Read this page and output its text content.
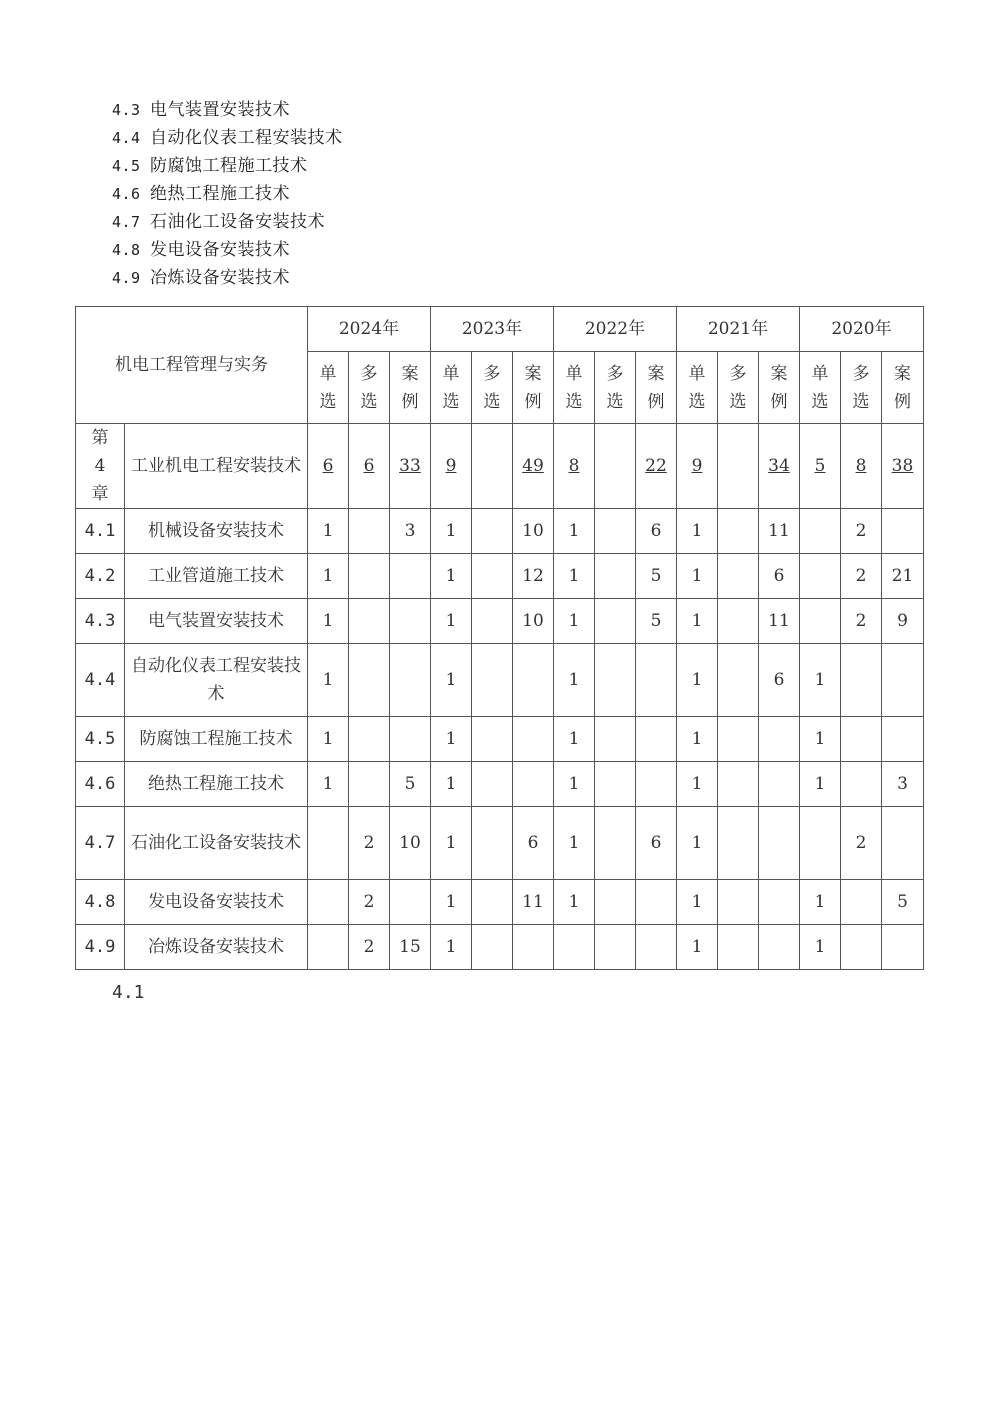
4.3 电气装置安装技术
4.4 自动化仪表工程安装技术
4.5 防腐蚀工程施工技术
4.6 绝热工程施工技术
4.7 石油化工设备安装技术
4.8 发电设备安装技术
4.9 冶炼设备安装技术
机电工程管理与实务		2024年			2023年			2022年			2021年			2020年		
		单选	多选	案例	单选	多选	案例	单选	多选	案例	单选	多选	案例	单选	多选	案例
第4章	工业机电工程安装技术	6	6	33	9		49	8		22	9		34	5	8	38
4.1	机械设备安装技术	1		3	1		10	1		6	1		11		2	
4.2	工业管道施工技术	1			1		12	1		5	1		6		2	21
4.3	电气装置安装技术	1			1		10	1		5	1		11		2	9
4.4	自动化仪表工程安装技术	1			1			1			1		6	1		
4.5	防腐蚀工程施工技术	1			1			1			1			1		
4.6	绝热工程施工技术	1		5	1			1			1			1		3
4.7	石油化工设备安装技术		2	10	1		6	1		6	1				2	
4.8	发电设备安装技术		2		1		11	1			1			1		5
4.9	冶炼设备安装技术		2	15	1						1			1		
4.1
